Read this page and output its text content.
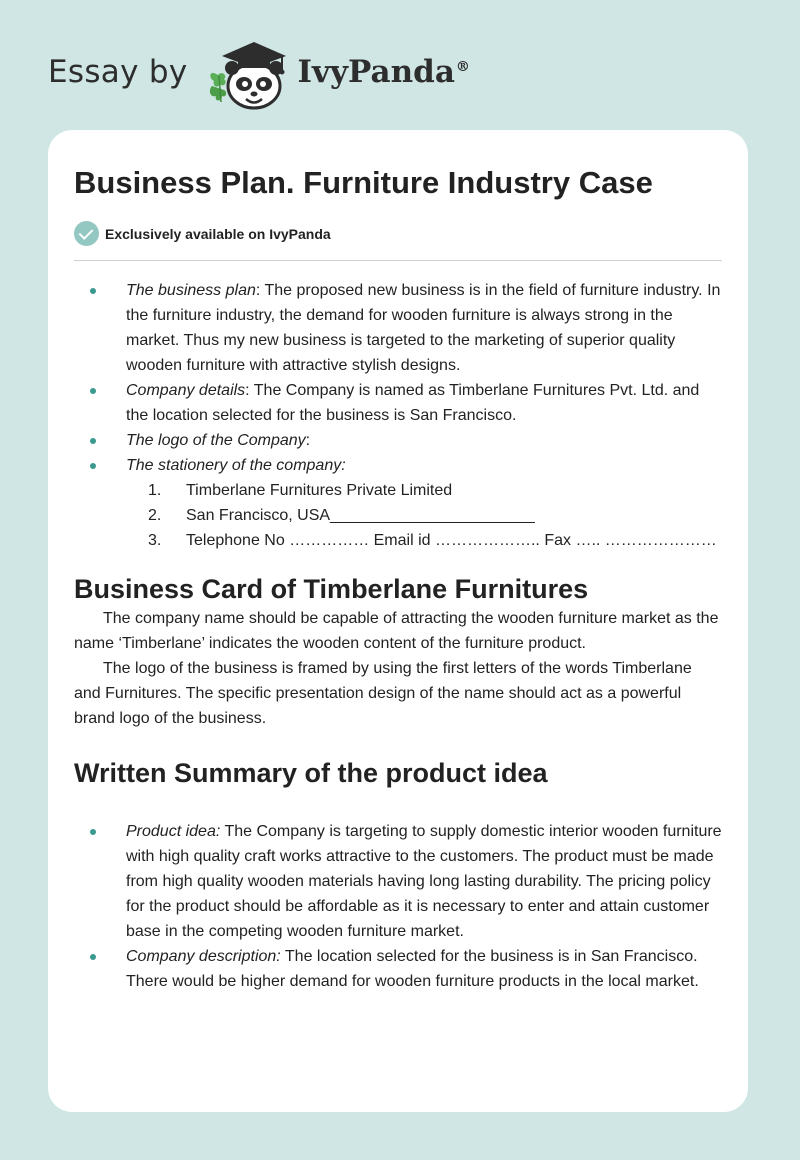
Essay by	IvyPanda®
Business Plan. Furniture Industry Case
Exclusively available on IvyPanda
The business plan: The proposed new business is in the field of furniture industry. In the furniture industry, the demand for wooden furniture is always strong in the market. Thus my new business is targeted to the marketing of superior quality wooden furniture with attractive stylish designs.
Company details: The Company is named as Timberlane Furnitures Pvt. Ltd. and the location selected for the business is San Francisco.
The logo of the Company:
The stationery of the company:
1. Timberlane Furnitures Private Limited
2. San Francisco, USA_______________________
3. Telephone No …………… Email id ……………….. Fax ….. …………………
Business Card of Timberlane Furnitures

The company name should be capable of attracting the wooden furniture market as the name ‘Timberlane’ indicates the wooden content of the furniture product.

The logo of the business is framed by using the first letters of the words Timberlane and Furnitures. The specific presentation design of the name should act as a powerful brand logo of the business.

Written Summary of the product idea
Product idea: The Company is targeting to supply domestic interior wooden furniture with high quality craft works attractive to the customers. The product must be made from high quality wooden materials having long lasting durability. The pricing policy for the product should be affordable as it is necessary to enter and attain customer base in the competing wooden furniture market.
Company description: The location selected for the business is in San Francisco. There would be higher demand for wooden furniture products in the local market.
